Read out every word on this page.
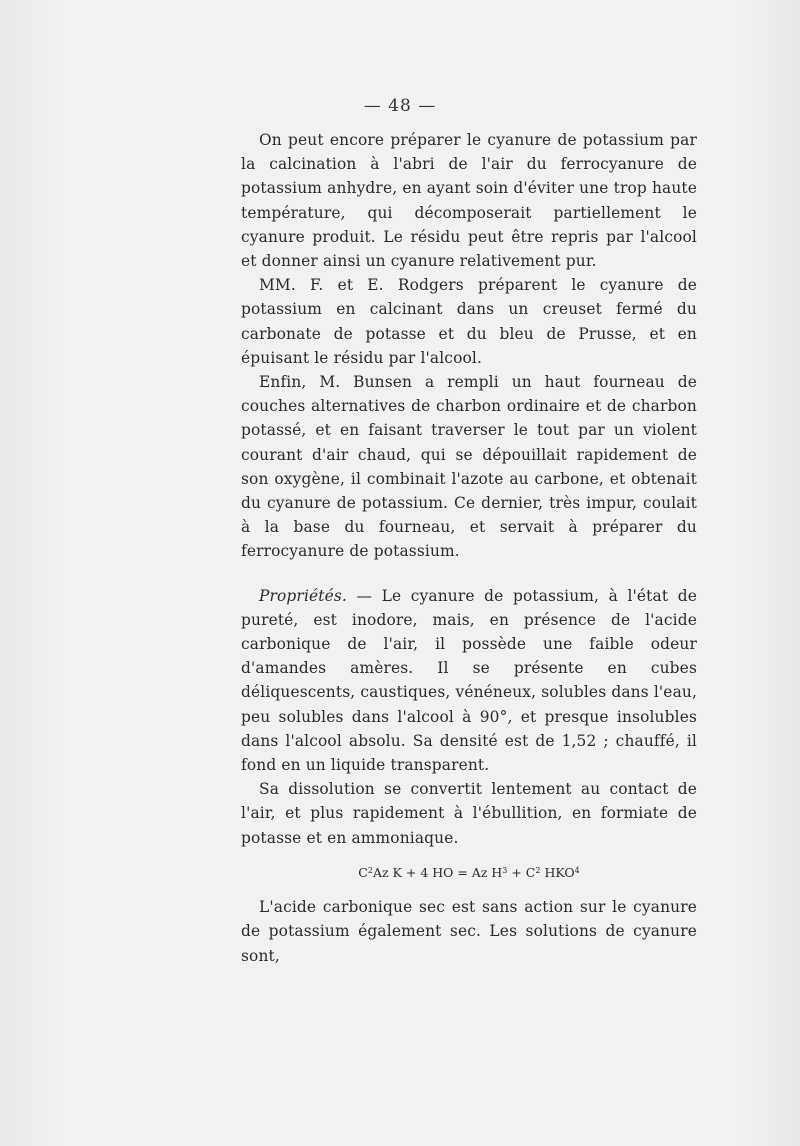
— 48 —

On peut encore préparer le cyanure de potassium par la calcination à l'abri de l'air du ferrocyanure de potassium anhydre, en ayant soin d'éviter une trop haute température, qui décomposerait partiellement le cyanure produit. Le résidu peut être repris par l'alcool et donner ainsi un cyanure relativement pur.

MM. F. et E. Rodgers préparent le cyanure de potassium en calcinant dans un creuset fermé du carbonate de potasse et du bleu de Prusse, et en épuisant le résidu par l'alcool.

Enfin, M. Bunsen a rempli un haut fourneau de couches alternatives de charbon ordinaire et de charbon potassé, et en faisant traverser le tout par un violent courant d'air chaud, qui se dépouillait rapidement de son oxygène, il combinait l'azote au carbone, et obtenait du cyanure de potassium. Ce dernier, très impur, coulait à la base du fourneau, et servait à préparer du ferrocyanure de potassium.

Propriétés. — Le cyanure de potassium, à l'état de pureté, est inodore, mais, en présence de l'acide carbonique de l'air, il possède une faible odeur d'amandes amères. Il se présente en cubes déliquescents, caustiques, vénéneux, solubles dans l'eau, peu solubles dans l'alcool à 90°, et presque insolubles dans l'alcool absolu. Sa densité est de 1,52 ; chauffé, il fond en un liquide transparent.

Sa dissolution se convertit lentement au contact de l'air, et plus rapidement à l'ébullition, en formiate de potasse et en ammoniaque.

$C^2Az$ K + 4 HO = Az $H^3 + C^2$ HKO$^4$

L'acide carbonique sec est sans action sur le cyanure de potassium également sec. Les solutions de cyanure sont,
